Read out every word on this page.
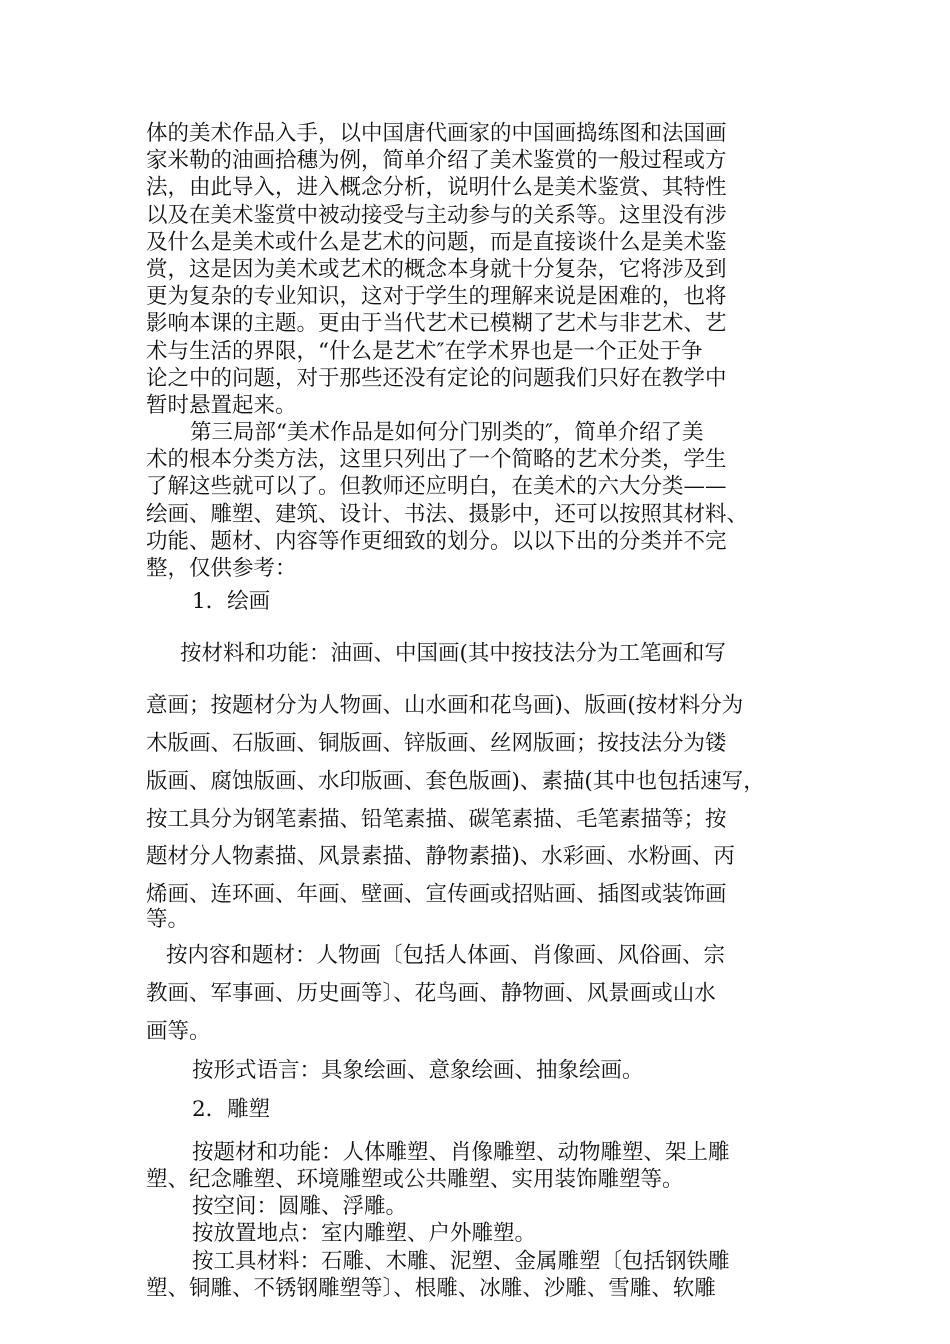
体的美术作品入手，以中国唐代画家的中国画捣练图和法国画
家米勒的油画拾穗为例，简单介绍了美术鉴赏的一般过程或方
法，由此导入，进入概念分析，说明什么是美术鉴赏、其特性
以及在美术鉴赏中被动接受与主动参与的关系等。这里没有涉
及什么是美术或什么是艺术的问题，而是直接谈什么是美术鉴
赏，这是因为美术或艺术的概念本身就十分复杂，它将涉及到
更为复杂的专业知识，这对于学生的理解来说是困难的，也将
影响本课的主题。更由于当代艺术已模糊了艺术与非艺术、艺
术与生活的界限，“什么是艺术″在学术界也是一个正处于争
论之中的问题，对于那些还没有定论的问题我们只好在教学中
暂时悬置起来。
第三局部“美术作品是如何分门别类的″，简单介绍了美
术的根本分类方法，这里只列出了一个简略的艺术分类，学生
了解这些就可以了。但教师还应明白，在美术的六大分类——
绘画、雕塑、建筑、设计、书法、摄影中，还可以按照其材料、
功能、题材、内容等作更细致的划分。以以下出的分类并不完
整，仅供参考：
1．绘画
按材料和功能：油画、中国画(其中按技法分为工笔画和写
意画；按题材分为人物画、山水画和花鸟画)、版画(按材料分为
木版画、石版画、铜版画、锌版画、丝网版画；按技法分为镂
版画、腐蚀版画、水印版画、套色版画)、素描(其中也包括速写，
按工具分为钢笔素描、铅笔素描、碳笔素描、毛笔素描等；按
题材分人物素描、风景素描、静物素描)、水彩画、水粉画、丙
烯画、连环画、年画、壁画、宣传画或招贴画、插图或装饰画
等。
按内容和题材：人物画〔包括人体画、肖像画、风俗画、宗
教画、军事画、历史画等〕、花鸟画、静物画、风景画或山水
画等。
按形式语言：具象绘画、意象绘画、抽象绘画。
2．雕塑
按题材和功能：人体雕塑、肖像雕塑、动物雕塑、架上雕
塑、纪念雕塑、环境雕塑或公共雕塑、实用装饰雕塑等。
按空间：圆雕、浮雕。
按放置地点：室内雕塑、户外雕塑。
按工具材料：石雕、木雕、泥塑、金属雕塑〔包括钢铁雕
塑、铜雕、不锈钢雕塑等〕、根雕、冰雕、沙雕、雪雕、软雕
